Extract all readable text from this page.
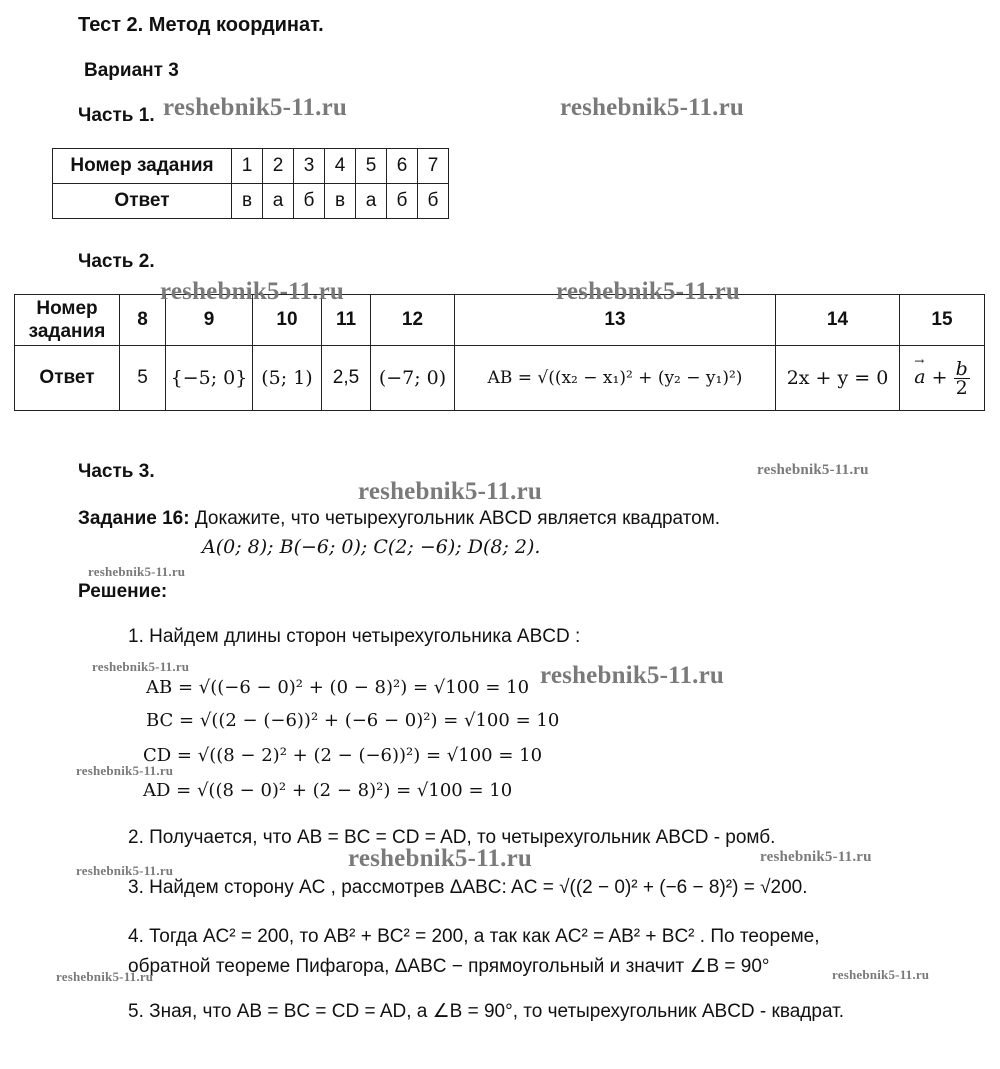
Тест 2. Метод координат.
Вариант 3
Часть 1.
Номер задания	1	2	3	4	5	6	7
Ответ	в	а	б	в	а	б	б
Часть 2.
Номер задания	8	9	10	11	12	13	14	15
Ответ	5	{−5; 0}	(5; 1)	2,5	(−7; 0)	AB = √((x₂ − x₁)² + (y₂ − y₁)²)	2x + y = 0	→ $a + \frac{b}{2}$
Часть 3.
Задание 16: Докажите, что четырехугольник ABCD является квадратом.
A(0; 8); B(−6; 0); C(2; −6); D(8; 2).
Решение:
1. Найдем длины сторон четырехугольника ABCD :
AB = √((−6 − 0)² + (0 − 8)²) = √100 = 10
BC = √((2 − (−6))² + (−6 − 0)²) = √100 = 10
CD = √((8 − 2)² + (2 − (−6))²) = √100 = 10
AD = √((8 − 0)² + (2 − 8)²) = √100 = 10
2. Получается, что AB = BC = CD = AD, то четырехугольник ABCD - ромб.
3. Найдем сторону AC , рассмотрев ΔABC: AC = √((2 − 0)² + (−6 − 8)²) = √200.
4. Тогда AC² = 200, то AB² + BC² = 200, а так как AC² = AB² + BC² . По теореме,
обратной теореме Пифагора, ΔABC − прямоугольный и значит ∠B = 90°
5. Зная, что AB = BC = CD = AD, а ∠B = 90°, то четырехугольник ABCD - квадрат.
reshebnik5-11.ru	reshebnik5-11.ru
reshebnik5-11.ru	reshebnik5-11.ru
reshebnik5-11.ru
reshebnik5-11.ru
reshebnik5-11.ru
reshebnik5-11.ru	reshebnik5-11.ru
reshebnik5-11.ru
reshebnik5-11.ru	reshebnik5-11.ru
reshebnik5-11.ru
reshebnik5-11.ru	reshebnik5-11.ru
